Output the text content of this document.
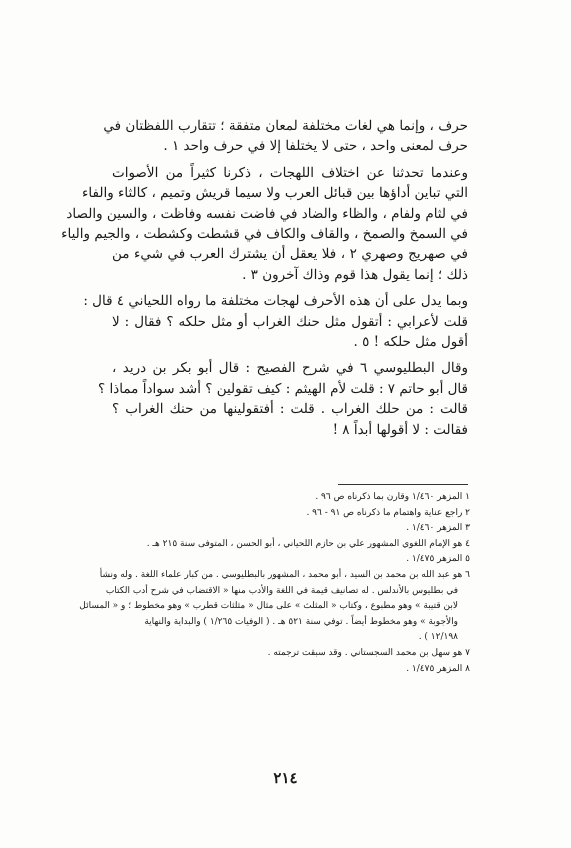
حرف ، وإنما هي لغات مختلفة لمعان متفقة ؛ تتقارب اللفظتان في
حرف لمعنى واحد ، حتى لا يختلفا إلا في حرف واحد ١ .

وعندما تحدثنا عن اختلاف اللهجات ، ذكرنا كثيراً من الأصوات
التي تباين أداؤها بين قبائل العرب ولا سيما قريش وتميم ، كالثاء والفاء
في لثام ولفام ، والظاء والضاد في فاضت نفسه وفاظت ، والسين والصاد
في السمخ والصمخ ، والقاف والكاف في قشطت وكشطت ، والجيم والياء
في صهريج وصهري ٢ ، فلا يعقل أن يشترك العرب في شيء من
ذلك ؛ إنما يقول هذا قوم وذاك آخرون ٣ .

وبما يدل على أن هذه الأحرف لهجات مختلفة ما رواه اللحياني ٤ قال :
قلت لأعرابي : أتقول مثل حنك الغراب أو مثل حلكه ؟ فقال : لا
أقول مثل حلكه ! ٥ .

وقال البطليوسي ٦ في شرح الفصيح : قال أبو بكر بن دريد ،
قال أبو حاتم ٧ : قلت لأم الهيثم : كيف تقولين ؟ أشد سواداً مماذا ؟
قالت : من حلك الغراب . قلت : أفتقولينها من حنك الغراب ؟
فقالت : لا أقولها أبداً ٨ !

١ المزهر ١/٤٦٠ وقارن بما ذكرناه ص ٩٦ .
٢ راجع عناية واهتمام ما ذكرناه ص ٩١ - ٩٦ .
٣ المزهر ١/٤٦٠ .
٤ هو الإمام اللغوي المشهور علي بن حازم اللحياني ، أبو الحسن ، المتوفى سنة ٢١٥ هـ .
٥ المزهر ١/٤٧٥ .
٦ هو عبد الله بن محمد بن السيد ، أبو محمد ، المشهور بالبطليوسي . من كبار علماء اللغة . وله ونشأ
في بطليوس بالأندلس . له تصانيف قيمة في اللغة والأدب منها « الاقتضاب في شرح أدب الكتاب
لابن قتيبة » وهو مطبوع ، وكتاب « المثلث » على مثال « مثلثات قطرب » وهو مخطوط ؛ و « المسائل
والأجوبة » وهو مخطوط أيضاً . توفي سنة ٥٢١ هـ . ( الوفيات ١/٢٦٥ ) والبداية والنهاية
١٢/١٩٨ ) .
٧ هو سهل بن محمد السجستاني . وقد سبقت ترجمته .
٨ المزهر ١/٤٧٥ .
٢١٤
